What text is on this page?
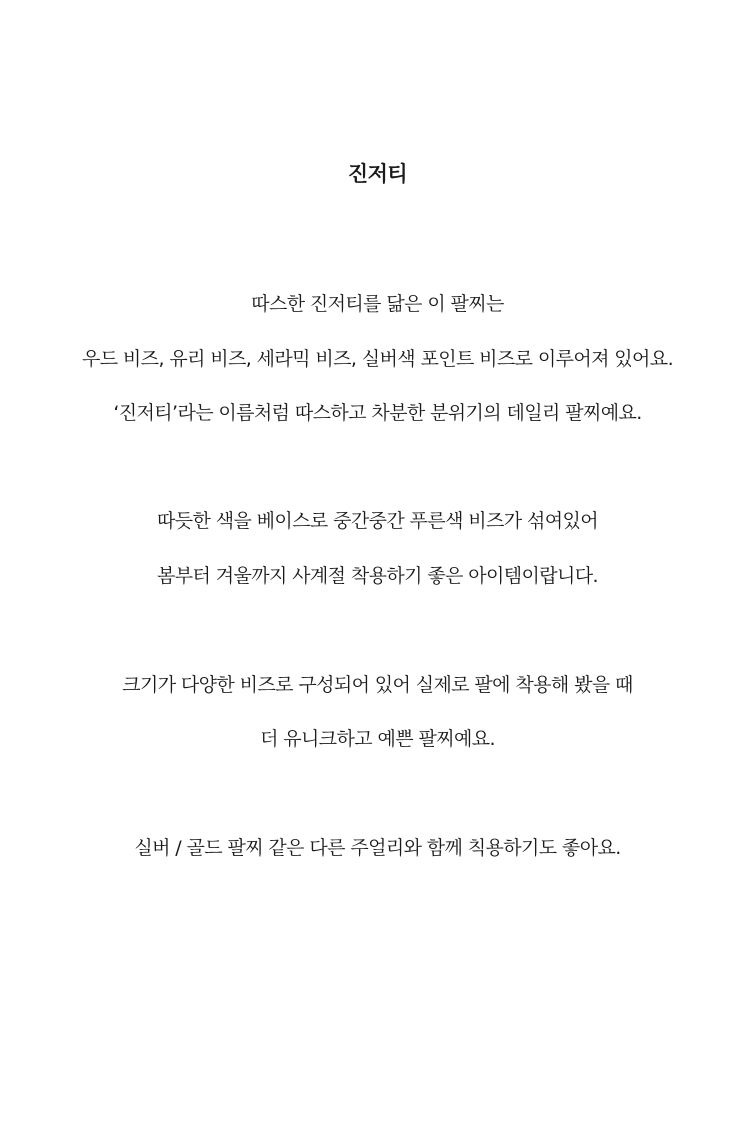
진저티
따스한 진저티를 닮은 이 팔찌는
우드 비즈, 유리 비즈, 세라믹 비즈, 실버색 포인트 비즈로 이루어져 있어요.
‘진저티’라는 이름처럼 따스하고 차분한 분위기의 데일리 팔찌예요.
따듯한 색을 베이스로 중간중간 푸른색 비즈가 섞여있어
봄부터 겨울까지 사계절 착용하기 좋은 아이템이랍니다.
크기가 다양한 비즈로 구성되어 있어 실제로 팔에 착용해 봤을 때
더 유니크하고 예쁜 팔찌예요.
실버 / 골드 팔찌 같은 다른 주얼리와 함께 칙용하기도 좋아요.
